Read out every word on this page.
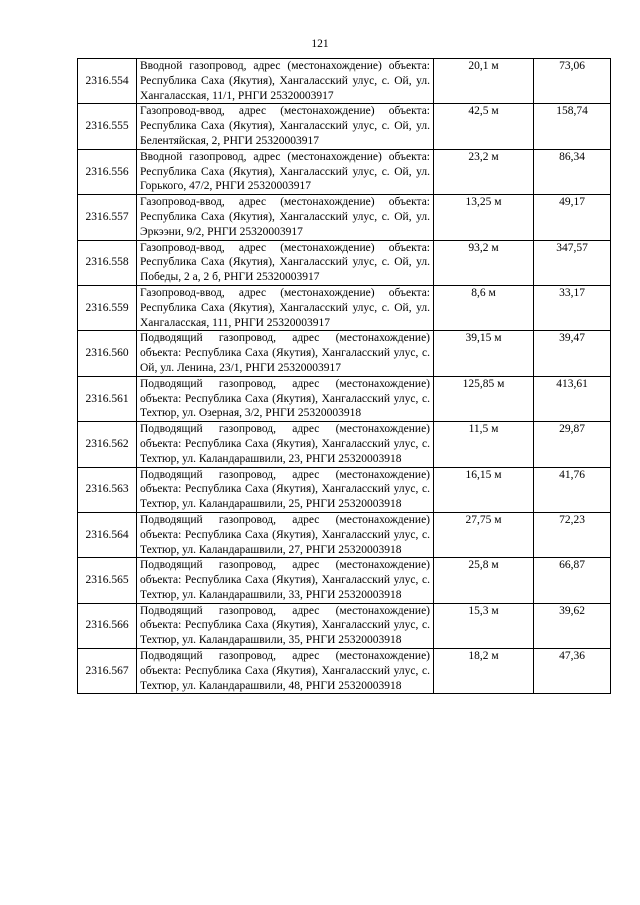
121
2316.554	Вводной газопровод, адрес (местонахождение) объекта: Республика Саха (Якутия), Хангаласский улус, с. Ой, ул. Хангаласская, 11/1, РНГИ 25320003917	20,1 м	73,06
2316.555	Газопровод-ввод, адрес (местонахождение) объекта: Республика Саха (Якутия), Хангаласский улус, с. Ой, ул. Белентяйская, 2, РНГИ 25320003917	42,5 м	158,74
2316.556	Вводной газопровод, адрес (местонахождение) объекта: Республика Саха (Якутия), Хангаласский улус, с. Ой, ул. Горького, 47/2, РНГИ 25320003917	23,2 м	86,34
2316.557	Газопровод-ввод, адрес (местонахождение) объекта: Республика Саха (Якутия), Хангаласский улус, с. Ой, ул. Эркээни, 9/2, РНГИ 25320003917	13,25 м	49,17
2316.558	Газопровод-ввод, адрес (местонахождение) объекта: Республика Саха (Якутия), Хангаласский улус, с. Ой, ул. Победы, 2 а, 2 б, РНГИ 25320003917	93,2 м	347,57
2316.559	Газопровод-ввод, адрес (местонахождение) объекта: Республика Саха (Якутия), Хангаласский улус, с. Ой, ул. Хангаласская, 111, РНГИ 25320003917	8,6 м	33,17
2316.560	Подводящий газопровод, адрес (местонахождение) объекта: Республика Саха (Якутия), Хангаласский улус, с. Ой, ул. Ленина, 23/1, РНГИ 25320003917	39,15 м	39,47
2316.561	Подводящий газопровод, адрес (местонахождение) объекта: Республика Саха (Якутия), Хангаласский улус, с. Техтюр, ул. Озерная, 3/2, РНГИ 25320003918	125,85 м	413,61
2316.562	Подводящий газопровод, адрес (местонахождение) объекта: Республика Саха (Якутия), Хангаласский улус, с. Техтюр, ул. Каландарашвили, 23, РНГИ 25320003918	11,5 м	29,87
2316.563	Подводящий газопровод, адрес (местонахождение) объекта: Республика Саха (Якутия), Хангаласский улус, с. Техтюр, ул. Каландарашвили, 25, РНГИ 25320003918	16,15 м	41,76
2316.564	Подводящий газопровод, адрес (местонахождение) объекта: Республика Саха (Якутия), Хангаласский улус, с. Техтюр, ул. Каландарашвили, 27, РНГИ 25320003918	27,75 м	72,23
2316.565	Подводящий газопровод, адрес (местонахождение) объекта: Республика Саха (Якутия), Хангаласский улус, с. Техтюр, ул. Каландарашвили, 33, РНГИ 25320003918	25,8 м	66,87
2316.566	Подводящий газопровод, адрес (местонахождение) объекта: Республика Саха (Якутия), Хангаласский улус, с. Техтюр, ул. Каландарашвили, 35, РНГИ 25320003918	15,3 м	39,62
2316.567	Подводящий газопровод, адрес (местонахождение) объекта: Республика Саха (Якутия), Хангаласский улус, с. Техтюр, ул. Каландарашвили, 48, РНГИ 25320003918	18,2 м	47,36
